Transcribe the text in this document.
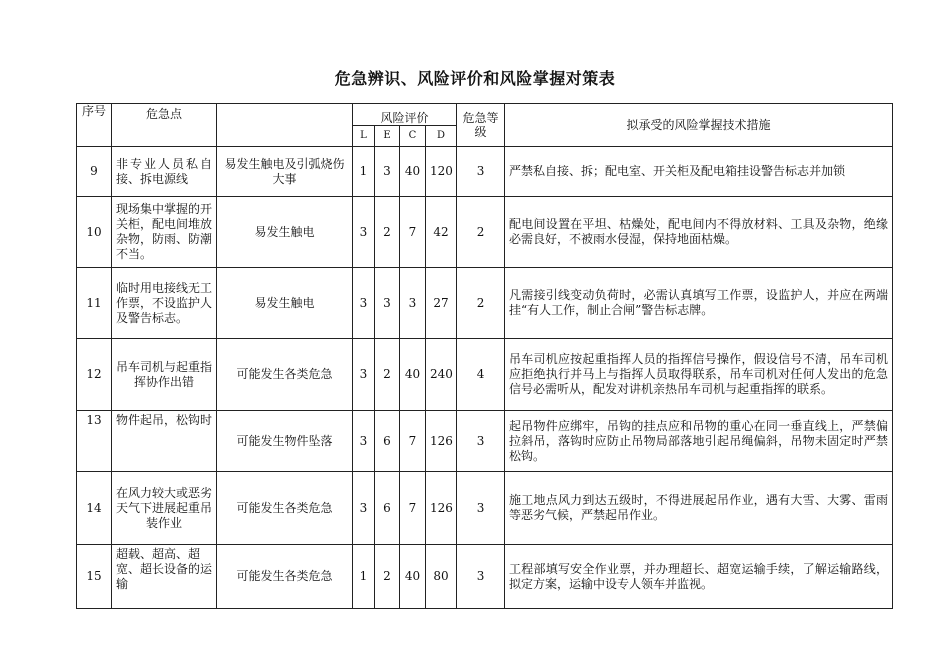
危急辨识、风险评价和风险掌握对策表
序号	危急点		风险评价				危急等级	拟承受的风险掌握技术措施
			L	E	C	D		
9	非专业人员私自接、拆电源线	易发生触电及引弧烧伤大事	1	3	40	120	3	严禁私自接、拆；配电室、开关柜及配电箱挂设警告标志并加锁
10	现场集中掌握的开关柜，配电间堆放杂物，防雨、防潮不当。	易发生触电	3	2	7	42	2	配电间设置在平坦、枯燥处，配电间内不得放材料、工具及杂物，绝缘必需良好，不被雨水侵湿，保持地面枯燥。
11	临时用电接线无工作票，不设监护人及警告标志。	易发生触电	3	3	3	27	2	凡需接引线变动负荷时，必需认真填写工作票，设监护人，并应在两端挂“有人工作，制止合闸”警告标志牌。
12	吊车司机与起重指挥协作出错	可能发生各类危急	3	2	40	240	4	吊车司机应按起重指挥人员的指挥信号操作，假设信号不清，吊车司机应拒绝执行并马上与指挥人员取得联系，吊车司机对任何人发出的危急信号必需听从，配发对讲机亲热吊车司机与起重指挥的联系。
13	物件起吊，松钩时	可能发生物件坠落	3	6	7	126	3	起吊物件应绑牢，吊钩的挂点应和吊物的重心在同一垂直线上，严禁偏拉斜吊，落钩时应防止吊物局部落地引起吊绳偏斜，吊物未固定时严禁松钩。
14	在风力较大或恶劣天气下进展起重吊装作业	可能发生各类危急	3	6	7	126	3	施工地点风力到达五级时，不得进展起吊作业，遇有大雪、大雾、雷雨等恶劣气候，严禁起吊作业。
15	超载、超高、超宽、超长设备的运输	可能发生各类危急	1	2	40	80	3	工程部填写安全作业票，并办理超长、超宽运输手续，了解运输路线，拟定方案，运输中设专人领车并监视。
